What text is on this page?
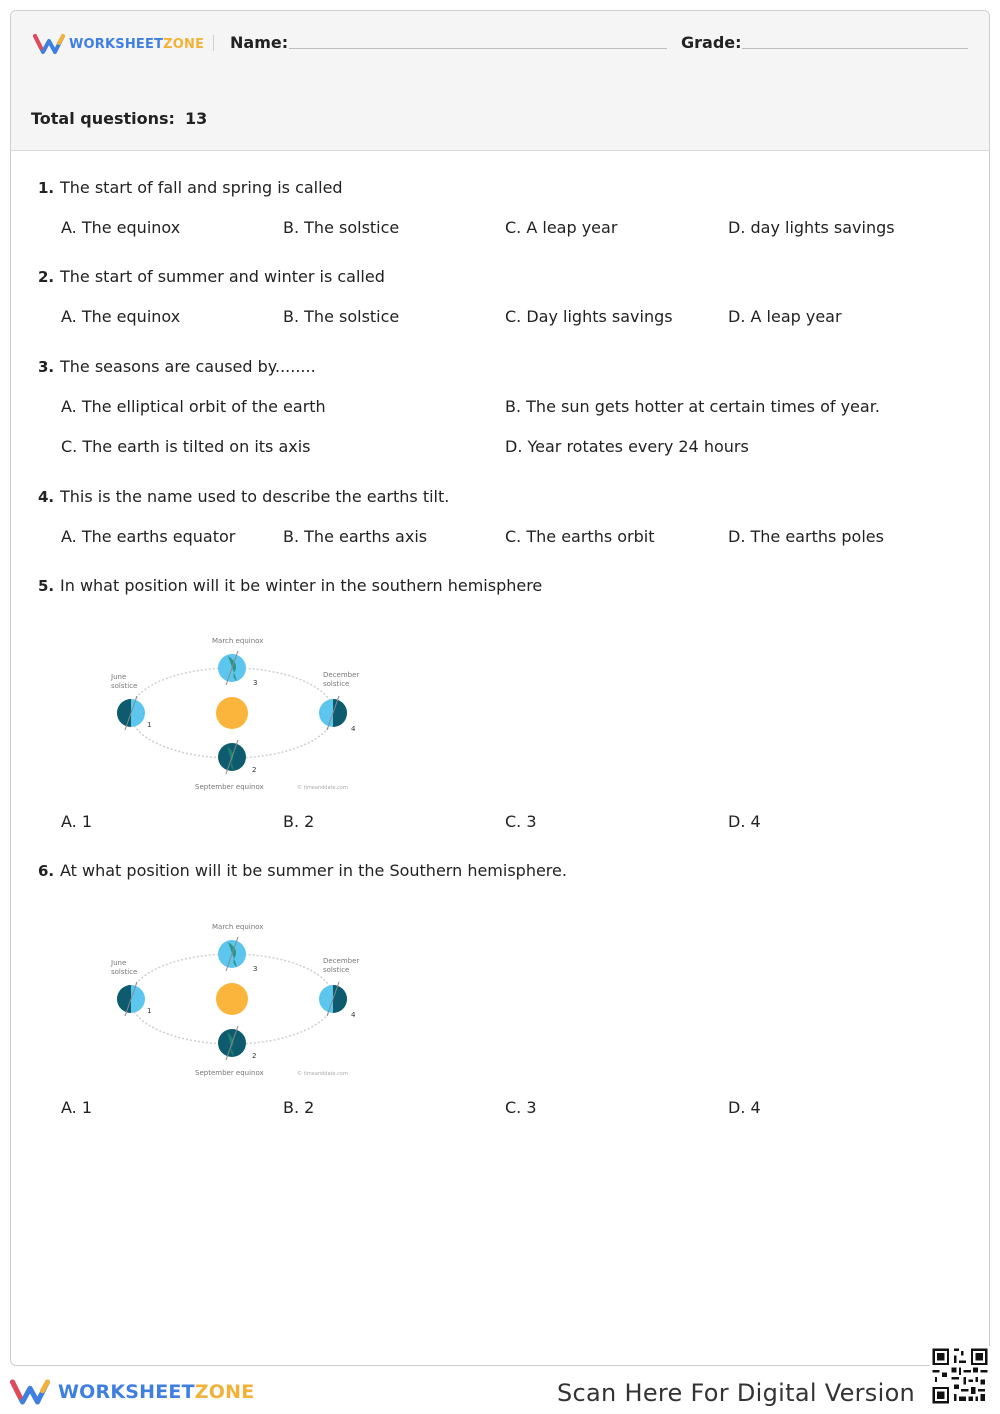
WORKSHEETZONE Name:	Grade:
Total questions: 13
1. The start of fall and spring is called
A. The equinox	B. The solstice	C. A leap year	D. day lights savings
2. The start of summer and winter is called
A. The equinox	B. The solstice	C. Day lights savings	D. A leap year
3. The seasons are caused by........
A. The elliptical orbit of the earth	B. The sun gets hotter at certain times of year.
C. The earth is tilted on its axis	D. Year rotates every 24 hours
4. This is the name used to describe the earths tilt.
A. The earths equator	B. The earths axis	C. The earths orbit	D. The earths poles
5. In what position will it be winter in the southern hemisphere
March equinox
June
solstice
December
solstice
September equinox	© timeanddate.com
1
2
3
4
A. 1	B. 2	C. 3	D. 4
6. At what position will it be summer in the Southern hemisphere.
March equinox
June
solstice
December
solstice
September equinox	© timeanddate.com
1
2
3
4
A. 1	B. 2	C. 3	D. 4
WORKSHEETZONE	Scan Here For Digital Version
